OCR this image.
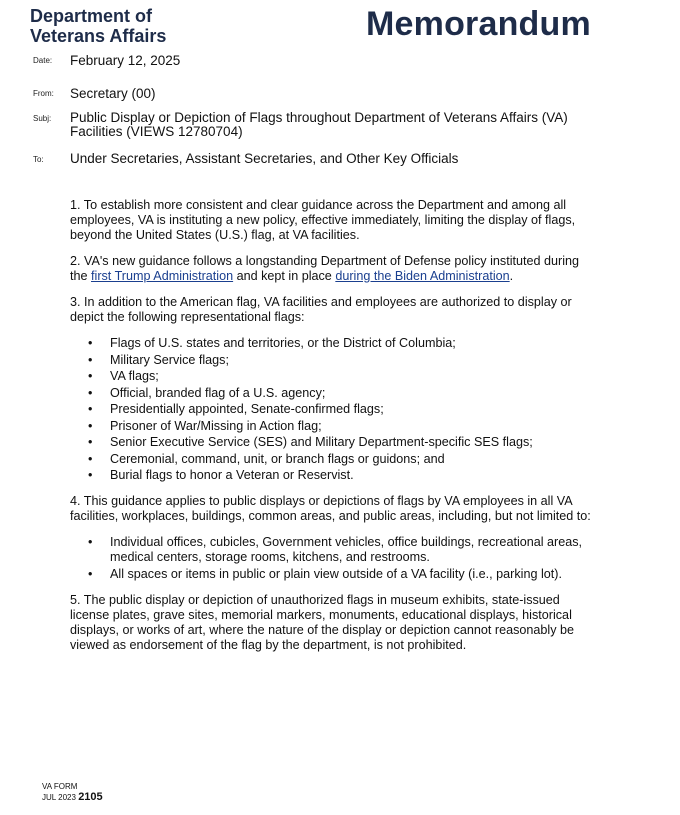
Department of
Veterans Affairs	Memorandum
Date: February 12, 2025
From: Secretary (00)
Subj: Public Display or Depiction of Flags throughout Department of Veterans Affairs (VA)
Facilities (VIEWS 12780704)
To: Under Secretaries, Assistant Secretaries, and Other Key Officials

1. To establish more consistent and clear guidance across the Department and among all employees, VA is instituting a new policy, effective immediately, limiting the display of flags, beyond the United States (U.S.) flag, at VA facilities.

2. VA's new guidance follows a longstanding Department of Defense policy instituted during the first Trump Administration and kept in place during the Biden Administration.

3. In addition to the American flag, VA facilities and employees are authorized to display or depict the following representational flags:

• Flags of U.S. states and territories, or the District of Columbia;
• Military Service flags;
• VA flags;
• Official, branded flag of a U.S. agency;
• Presidentially appointed, Senate-confirmed flags;
• Prisoner of War/Missing in Action flag;
• Senior Executive Service (SES) and Military Department-specific SES flags;
• Ceremonial, command, unit, or branch flags or guidons; and
• Burial flags to honor a Veteran or Reservist.

4. This guidance applies to public displays or depictions of flags by VA employees in all VA facilities, workplaces, buildings, common areas, and public areas, including, but not limited to:

• Individual offices, cubicles, Government vehicles, office buildings, recreational areas, medical centers, storage rooms, kitchens, and restrooms.
• All spaces or items in public or plain view outside of a VA facility (i.e., parking lot).

5. The public display or depiction of unauthorized flags in museum exhibits, state-issued license plates, grave sites, memorial markers, monuments, educational displays, historical displays, or works of art, where the nature of the display or depiction cannot reasonably be viewed as endorsement of the flag by the department, is not prohibited.

VA FORM
JUL 2023 2105
